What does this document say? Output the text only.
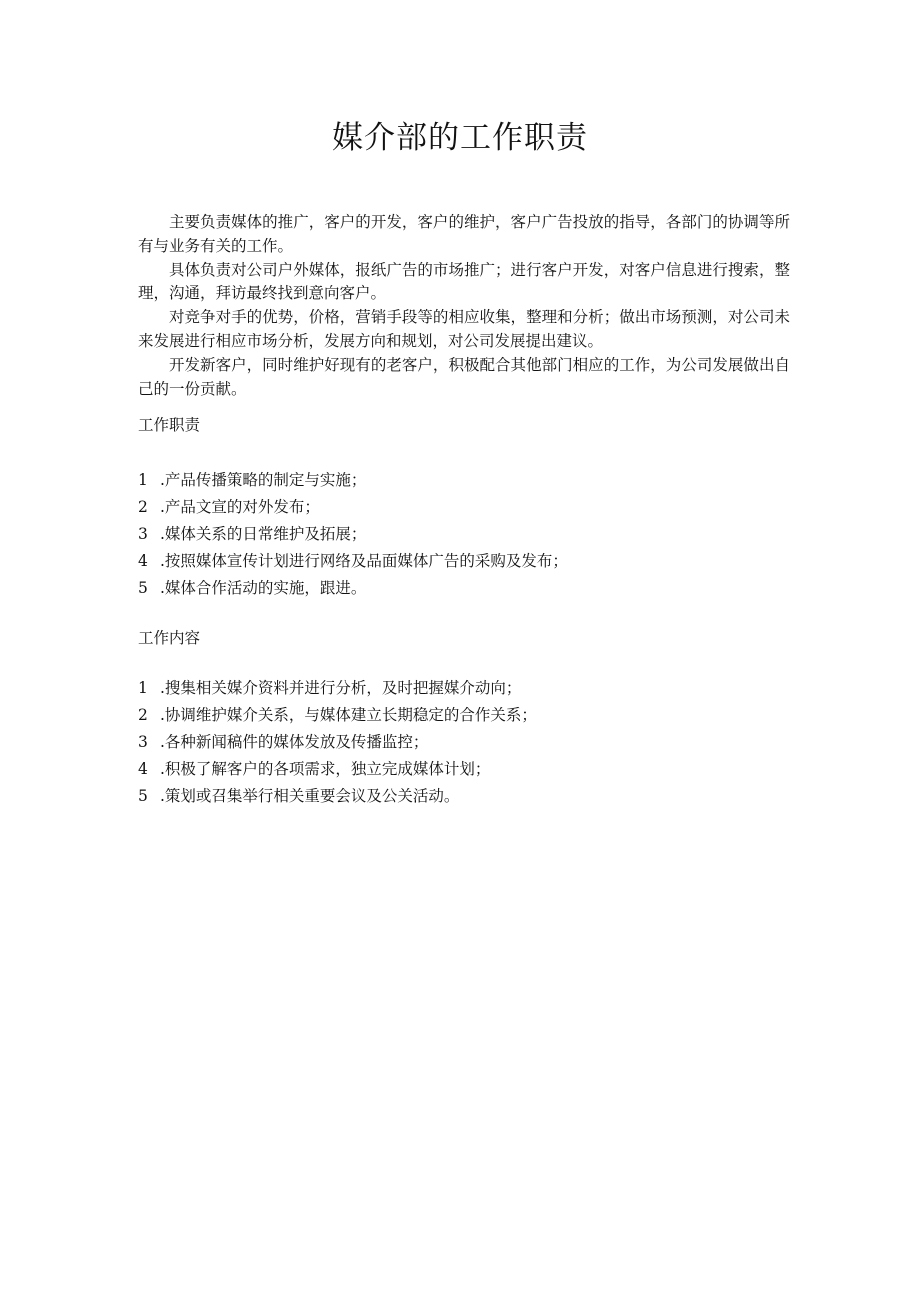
媒介部的工作职责

主要负责媒体的推广，客户的开发，客户的维护，客户广告投放的指导，各部门的协调等所有与业务有关的工作。

具体负责对公司户外媒体，报纸广告的市场推广；进行客户开发，对客户信息进行搜索，整理，沟通，拜访最终找到意向客户。

对竞争对手的优势，价格，营销手段等的相应收集，整理和分析；做出市场预测，对公司未来发展进行相应市场分析，发展方向和规划，对公司发展提出建议。

开发新客户，同时维护好现有的老客户，积极配合其他部门相应的工作，为公司发展做出自己的一份贡献。

工作职责
1 .产品传播策略的制定与实施；
2 .产品文宣的对外发布；
3 .媒体关系的日常维护及拓展；
4 .按照媒体宣传计划进行网络及品面媒体广告的采购及发布；
5 .媒体合作活动的实施，跟进。
工作内容
1 .搜集相关媒介资料并进行分析，及时把握媒介动向；
2 .协调维护媒介关系，与媒体建立长期稳定的合作关系；
3 .各种新闻稿件的媒体发放及传播监控；
4 .积极了解客户的各项需求，独立完成媒体计划；
5 .策划或召集举行相关重要会议及公关活动。
